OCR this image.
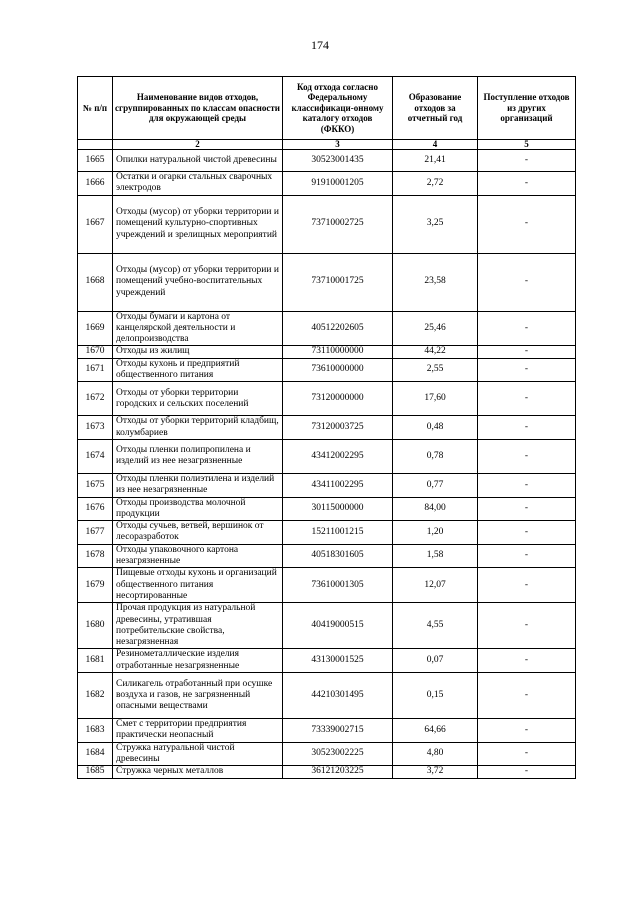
174
№ п/п	Наименование видов отходов, сгруппированных по классам опасности для окружающей среды	Код отхода согласно Федеральному классификаци-онному каталогу отходов (ФККО)	Образование отходов за отчетный год	Поступление отходов из других организаций
	2	3	4	5
1665	Опилки натуральной чистой древесины	30523001435	21,41	-
1666	Остатки и огарки стальных сварочных электродов	91910001205	2,72	-
1667	Отходы (мусор) от уборки территории и помещений культурно-спортивных учреждений и зрелищных мероприятий	73710002725	3,25	-
1668	Отходы (мусор) от уборки территории и помещений учебно-воспитательных учреждений	73710001725	23,58	-
1669	Отходы бумаги и картона от канцелярской деятельности и делопроизводства	40512202605	25,46	-
1670	Отходы из жилищ	73110000000	44,22	-
1671	Отходы кухонь и предприятий общественного питания	73610000000	2,55	-
1672	Отходы от уборки территории городских и сельских поселений	73120000000	17,60	-
1673	Отходы от уборки территорий кладбищ, колумбариев	73120003725	0,48	-
1674	Отходы пленки полипропилена и изделий из нее незагрязненные	43412002295	0,78	-
1675	Отходы пленки полиэтилена и изделий из нее незагрязненные	43411002295	0,77	-
1676	Отходы производства молочной продукции	30115000000	84,00	-
1677	Отходы сучьев, ветвей, вершинок от лесоразработок	15211001215	1,20	-
1678	Отходы упаковочного картона незагрязненные	40518301605	1,58	-
1679	Пищевые отходы кухонь и организаций общественного питания несортированные	73610001305	12,07	-
1680	Прочая продукция из натуральной древесины, утратившая потребительские свойства, незагрязненная	40419000515	4,55	-
1681	Резинометаллические изделия отработанные незагрязненные	43130001525	0,07	-
1682	Силикагель отработанный при осушке воздуха и газов, не загрязненный опасными веществами	44210301495	0,15	-
1683	Смет с территории предприятия практически неопасный	73339002715	64,66	-
1684	Стружка натуральной чистой древесины	30523002225	4,80	-
1685	Стружка черных металлов	36121203225	3,72	-
